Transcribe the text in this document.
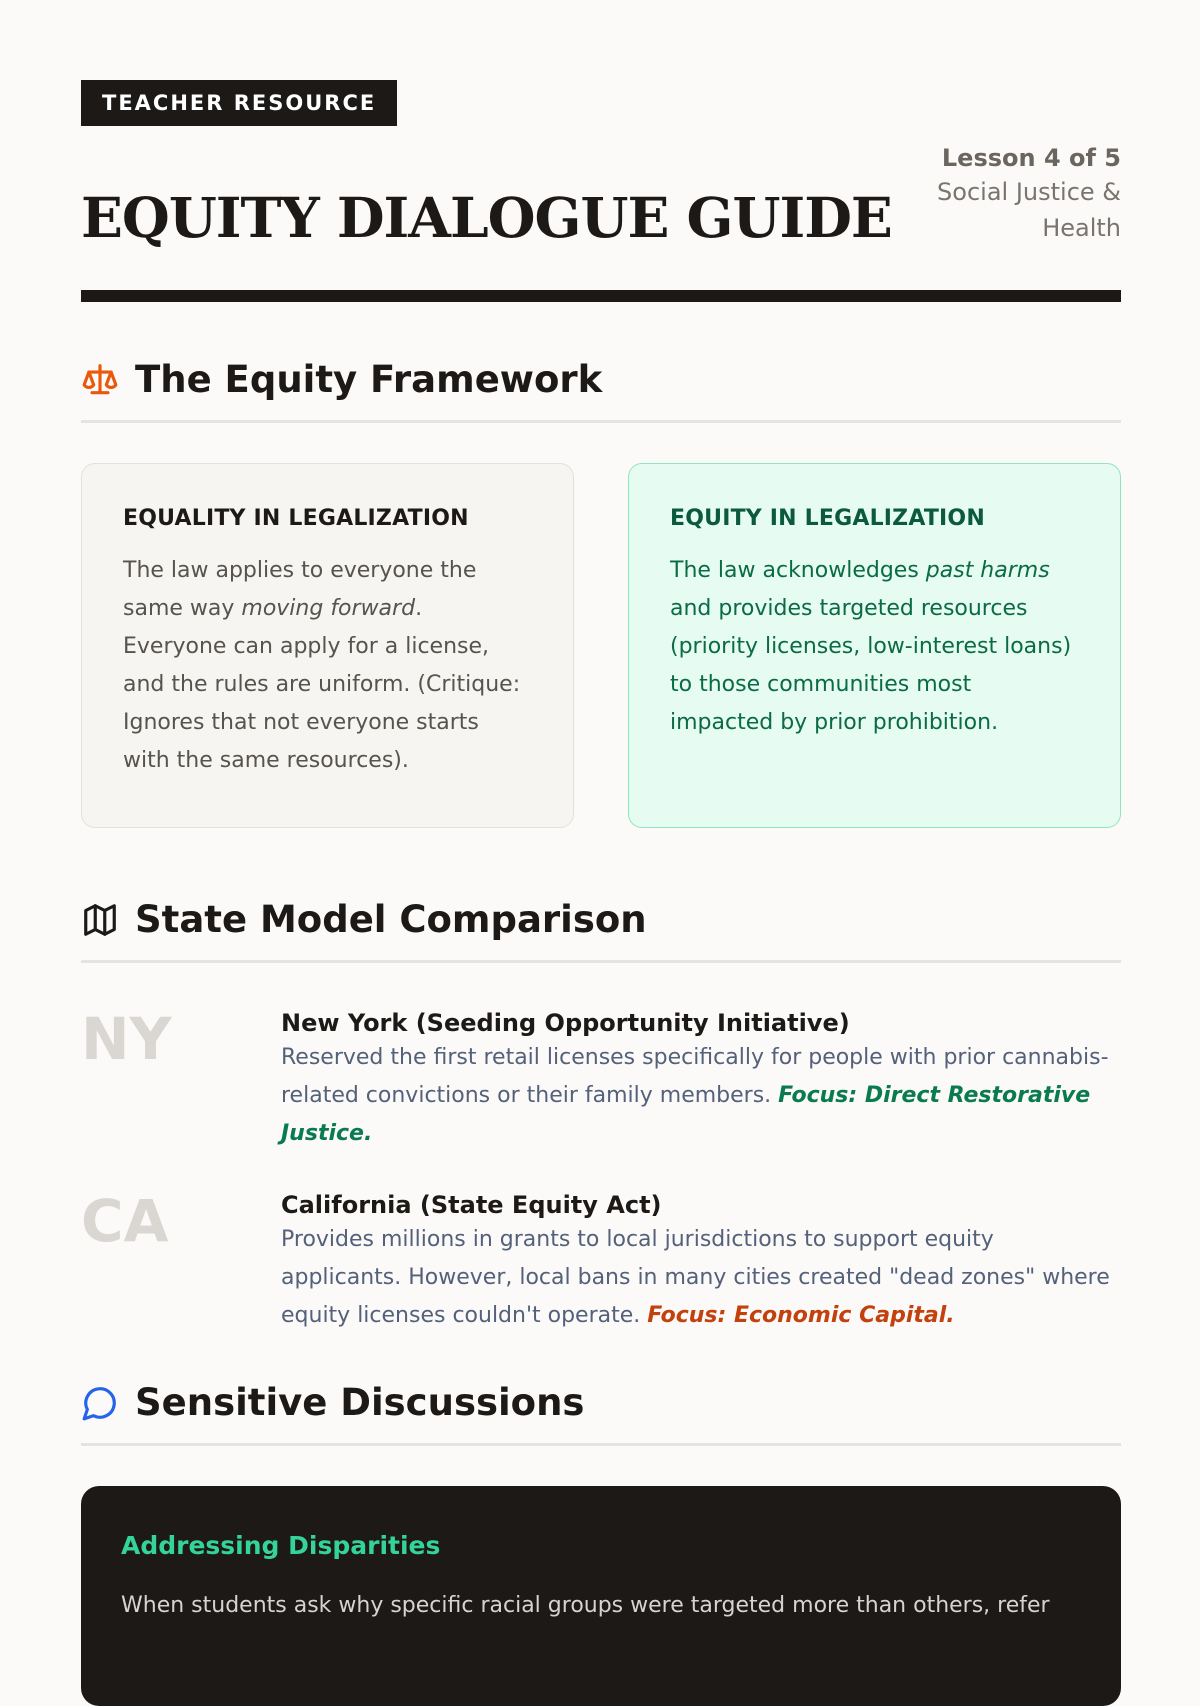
TEACHER RESOURCE
EQUITY DIALOGUE GUIDE
Lesson 4 of 5
Social Justice & Health
The Equity Framework
EQUALITY IN LEGALIZATION

The law applies to everyone the same way moving forward. Everyone can apply for a license, and the rules are uniform. (Critique: Ignores that not everyone starts with the same resources).

EQUITY IN LEGALIZATION

The law acknowledges past harms and provides targeted resources (priority licenses, low-interest loans) to those communities most impacted by prior prohibition.

State Model Comparison
NY	New York (Seeding Opportunity Initiative)

Reserved the first retail licenses specifically for people with prior cannabis-related convictions or their family members. Focus: Direct Restorative Justice.

CA	California (State Equity Act)

Provides millions in grants to local jurisdictions to support equity applicants. However, local bans in many cities created "dead zones" where equity licenses couldn't operate. Focus: Economic Capital.

Sensitive Discussions
Addressing Disparities

When students ask why specific racial groups were targeted more than others, refer
